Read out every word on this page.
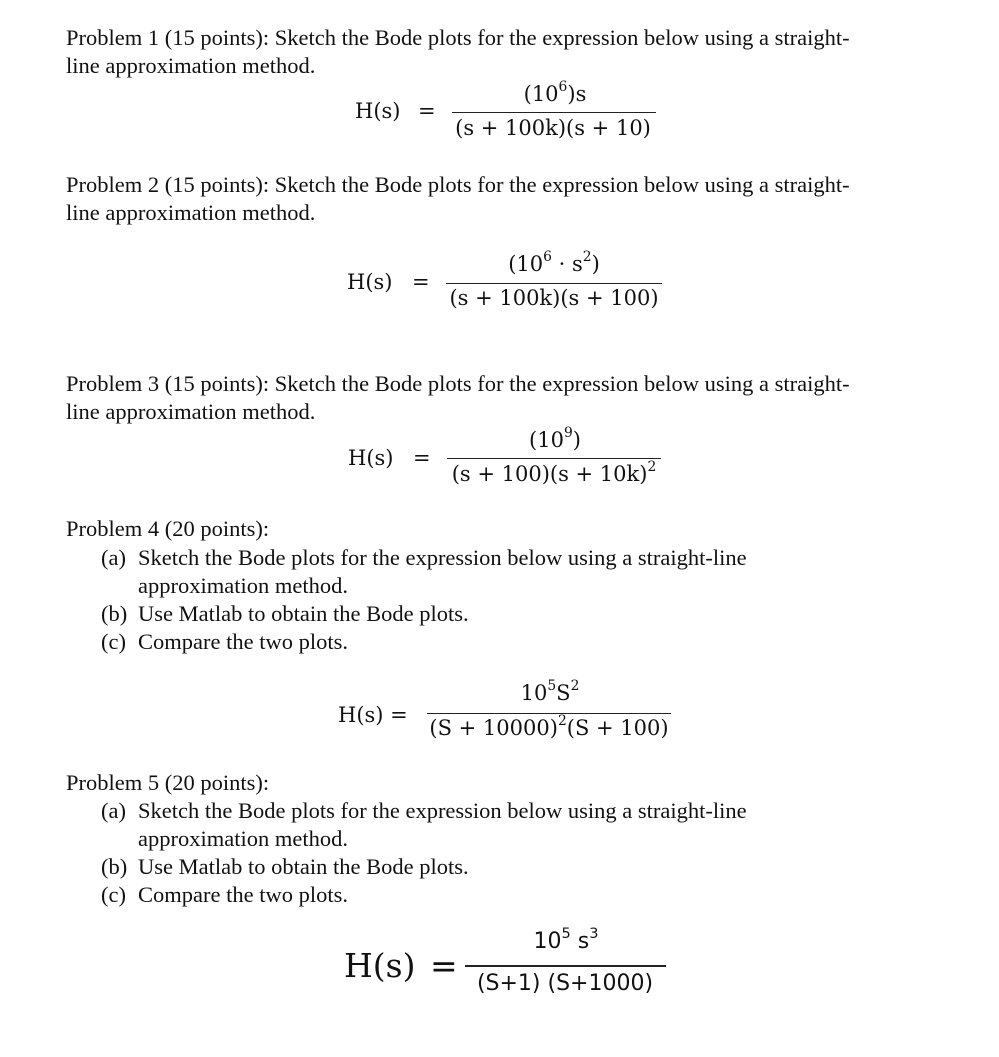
Problem 1 (15 points): Sketch the Bode plots for the expression below using a straight-

line approximation method.

H(s) =
$(10^6)s$
(s + 100k)(s + 10)

Problem 2 (15 points): Sketch the Bode plots for the expression below using a straight-

line approximation method.

H(s) =
$(10^6 \cdot s^2)$
(s + 100k)(s + 100)

Problem 3 (15 points): Sketch the Bode plots for the expression below using a straight-

line approximation method.

H(s) =
$(10^9)$
$(s + 100)(s + 10k)^2$

Problem 4 (20 points):

(a) Sketch the Bode plots for the expression below using a straight-line
approximation method.
(b) Use Matlab to obtain the Bode plots.
(c) Compare the two plots.
H(s) =
$10^5S^2$
$(S + 10000)^2(S + 100)$

Problem 5 (20 points):

(a) Sketch the Bode plots for the expression below using a straight-line
approximation method.
(b) Use Matlab to obtain the Bode plots.
(c) Compare the two plots.
H(s) =
$10^5$ $s^3$
(S+1) (S+1000)
